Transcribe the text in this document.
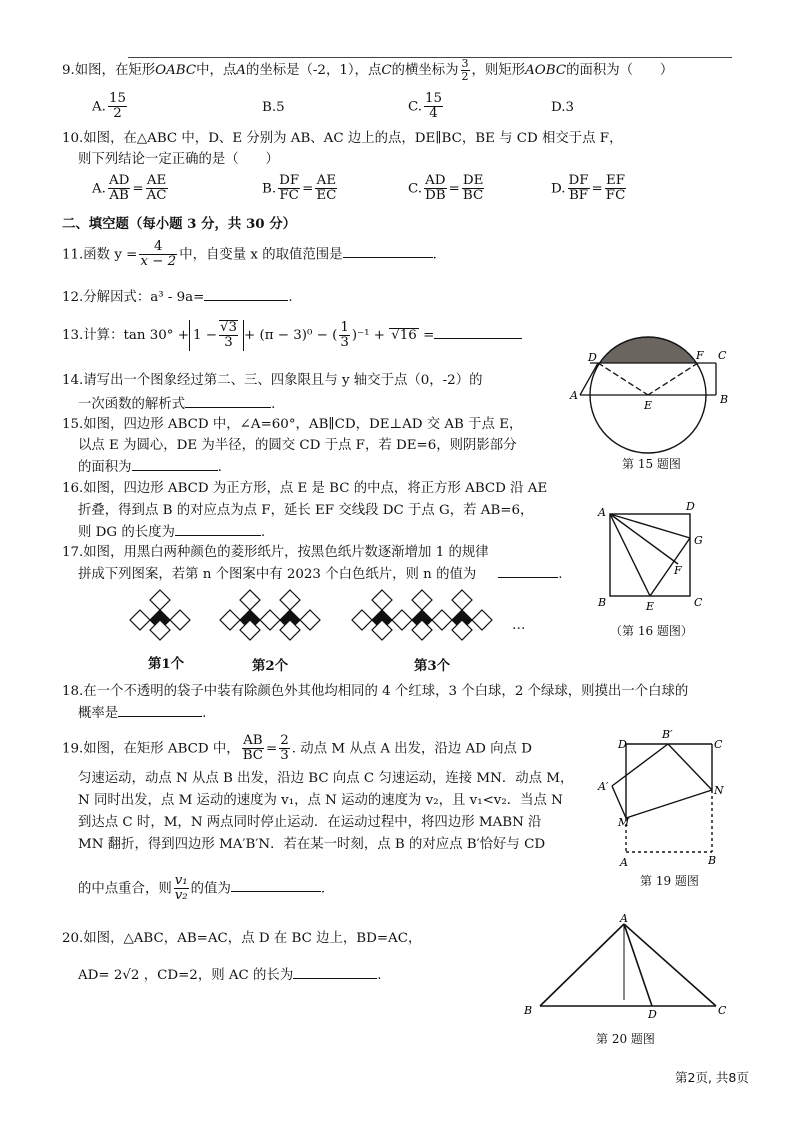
9.如图，在矩形OABC中，点A的坐标是（-2，1），点C的横坐标为 $\frac{3}{2}$ ，则矩形AOBC的面积为（　　）
A. $\frac{15}{2}$	B.5	C. $\frac{15}{4}$	D.3
10.如图，在△ABC 中，D、E 分别为 AB、AC 边上的点，DE∥BC，BE 与 CD 相交于点 F，
则下列结论一定正确的是（　　）
A. $\frac{AD}{AB} = \frac{AE}{AC}$	B. $\frac{DF}{FC} = \frac{AE}{EC}$	C. $\frac{AD}{DB} = \frac{DE}{BC}$	D. $\frac{DF}{BF} = \frac{EF}{FC}$
二、填空题（每小题 3 分，共 30 分）
11.函数 $y = \frac{4}{x - 2}$ 中，自变量 x 的取值范围是	.
12.分解因式：a³ - 9a=	.
13.计算：$\tan 30^\circ + 1 - \frac{√3}{3} + (\pi - 3)^0$ − ( $\frac{1}{3} )^{-1} + √16$ =
14.请写出一个图象经过第二、三、四象限且与 y 轴交于点（0，-2）的
一次函数的解析式	.
15.如图，四边形 ABCD 中，∠A=60°，AB∥CD，DE⊥AD 交 AB 于点 E，
以点 E 为圆心，DE 为半径，的圆交 CD 于点 F，若 DE=6，则阴影部分
的面积为	.
16.如图，四边形 ABCD 为正方形，点 E 是 BC 的中点，将正方形 ABCD 沿 AE
折叠，得到点 B 的对应点为点 F，延长 EF 交线段 DC 于点 G，若 AB=6，
则 DG 的长度为	.
17.如图，用黑白两种颜色的菱形纸片，按黑色纸片数逐渐增加 1 的规律
拼成下列图案，若第 n 个图案中有 2023 个白色纸片，则 n 的值为	.
…
第1个	第2个	第3个
18.在一个不透明的袋子中装有除颜色外其他均相同的 4 个红球，3 个白球，2 个绿球，则摸出一个白球的
概率是	.
19.如图，在矩形 ABCD 中， $\frac{AB}{BC} = \frac{2}{3}$ . 动点 M 从点 A 出发，沿边 AD 向点 D
匀速运动，动点 N 从点 B 出发，沿边 BC 向点 C 匀速运动，连接 MN．动点 M，
N 同时出发，点 M 运动的速度为 v₁，点 N 运动的速度为 v₂，且 v₁<v₂．当点 N
到达点 C 时，M，N 两点同时停止运动．在运动过程中，将四边形 MABN 沿
MN 翻折，得到四边形 MA′B′N．若在某一时刻，点 B 的对应点 B′恰好与 CD
的中点重合，则 $\frac{\text{v₁}}{\text{v₂}}$ 的值为	.
20.如图，△ABC，AB=AC，点 D 在 BC 边上，BD=AC，
AD= 2√2 ，CD=2，则 AC 的长为	.
D	F C
A
E	B
第 15 题图
A	D
G
F
B	E	C
（第 16 题图）
D
B′
C
A′	N
M
A	B
第 19 题图
A
B	D	C
第 20 题图
第2页, 共8页
